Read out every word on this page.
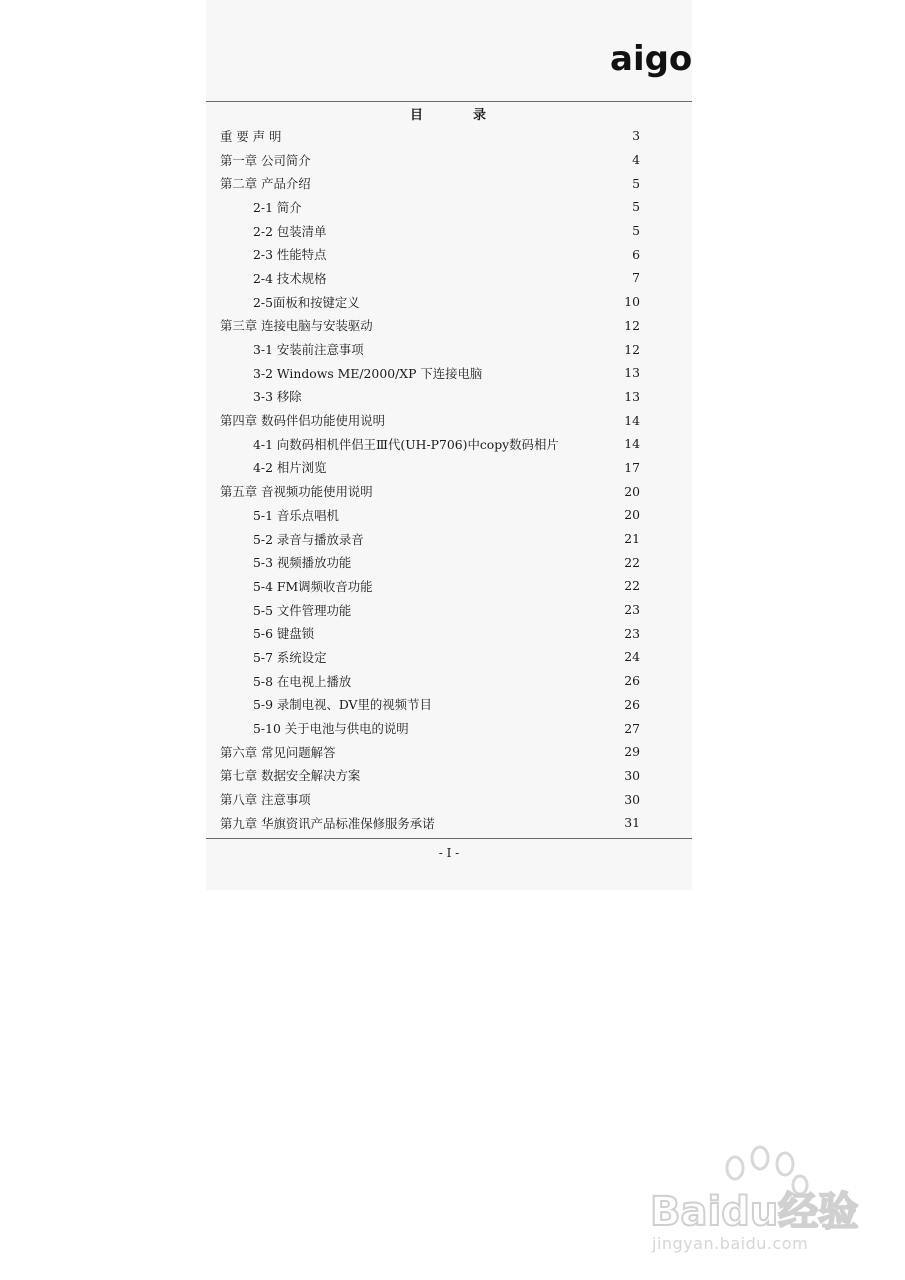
aigo
目	录
重 要 声 明	3
第一章 公司简介	4
第二章 产品介绍	5
2-1 简介	5
2-2 包装清单	5
2-3 性能特点	6
2-4 技术规格	7
2-5面板和按键定义	10
第三章 连接电脑与安装驱动	12
3-1 安装前注意事项	12
3-2 Windows ME/2000/XP 下连接电脑	13
3-3 移除	13
第四章 数码伴侣功能使用说明	14
4-1 向数码相机伴侣王Ⅲ代(UH-P706)中copy数码相片	14
4-2 相片浏览	17
第五章 音视频功能使用说明	20
5-1 音乐点唱机	20
5-2 录音与播放录音	21
5-3 视频播放功能	22
5-4 FM调频收音功能	22
5-5 文件管理功能	23
5-6 键盘锁	23
5-7 系统设定	24
5-8 在电视上播放	26
5-9 录制电视、DV里的视频节目	26
5-10 关于电池与供电的说明	27
第六章 常见问题解答	29
第七章 数据安全解决方案	30
第八章 注意事项	30
第九章 华旗资讯产品标准保修服务承诺	31
- I -
Baidu经验
jingyan.baidu.com
